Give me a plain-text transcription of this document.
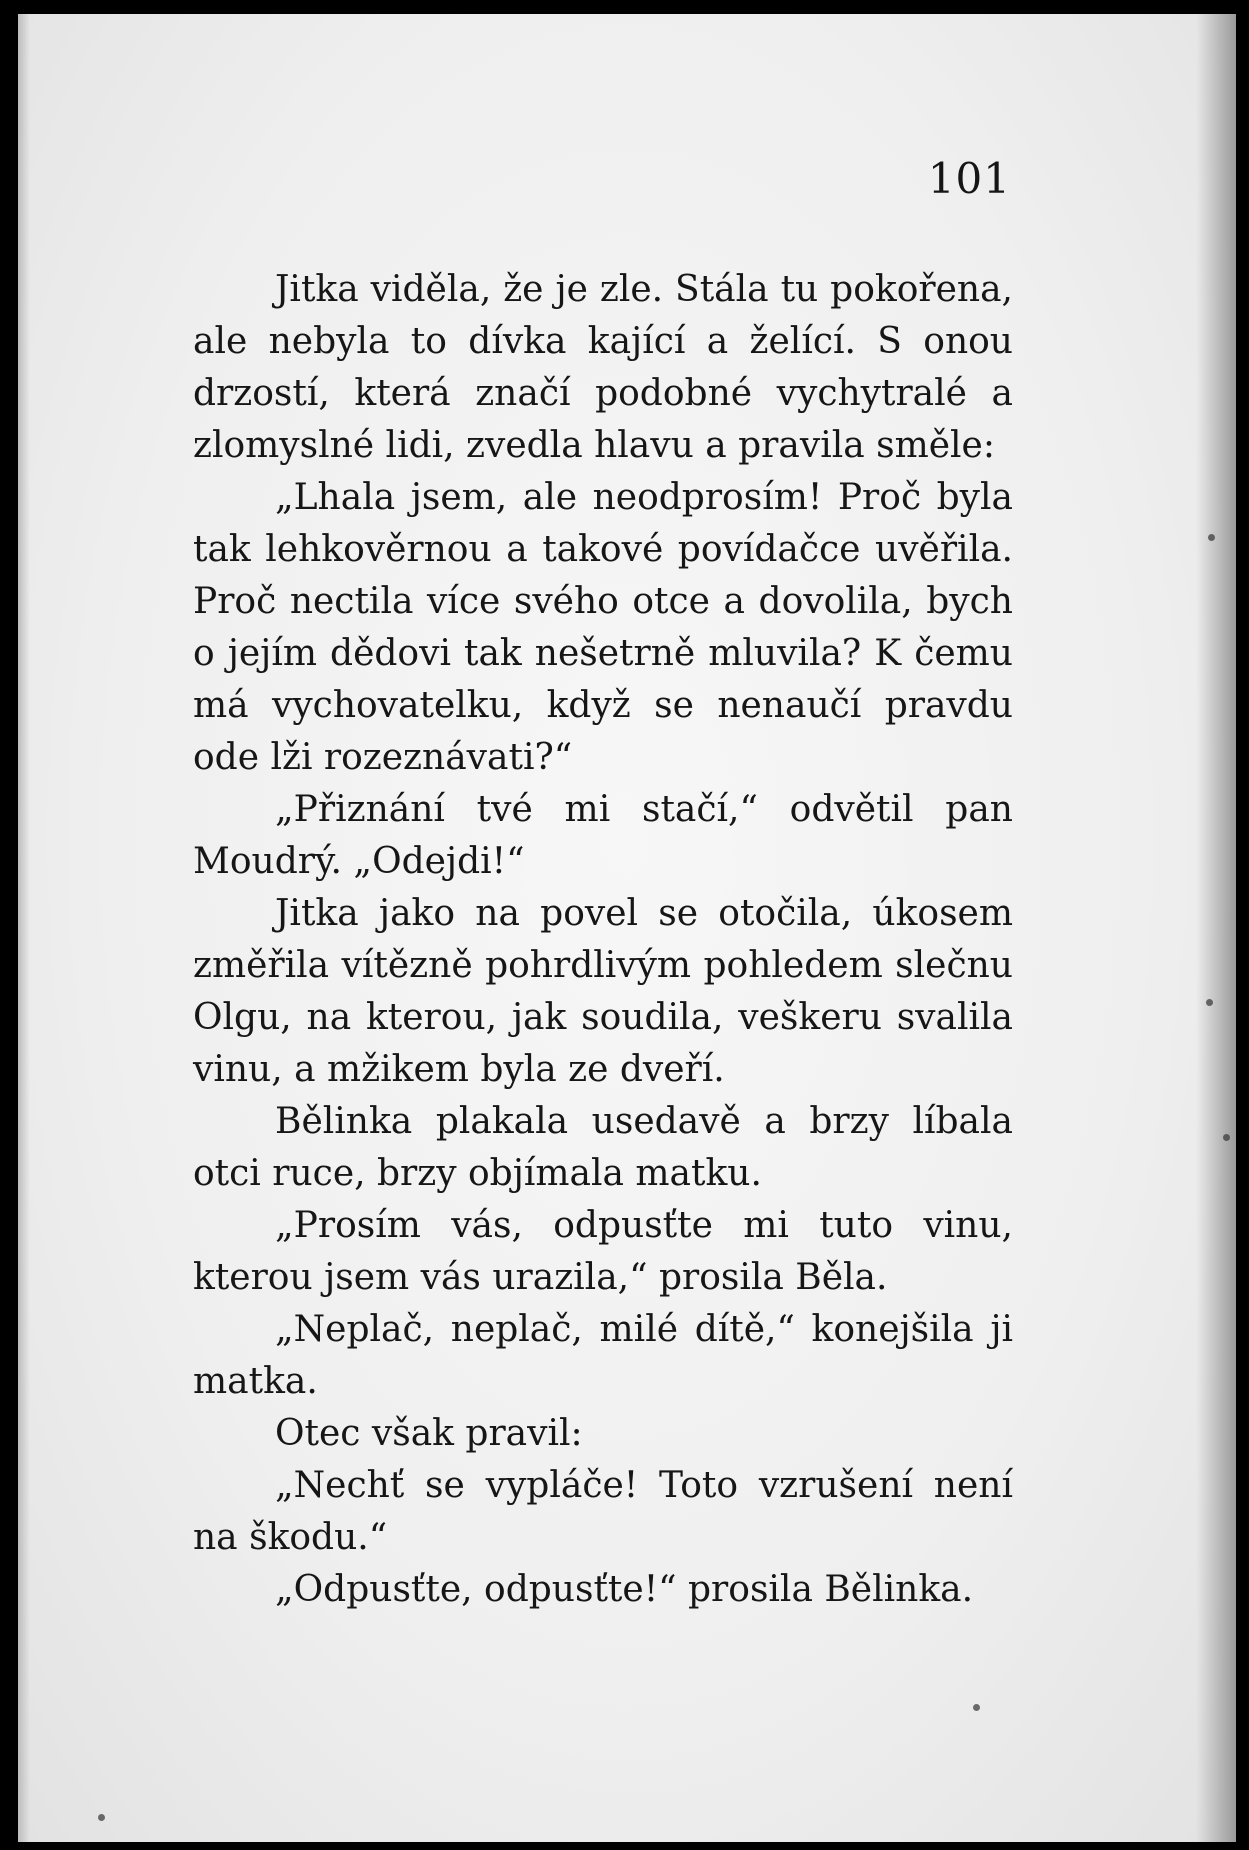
101

Jitka viděla, že je zle. Stála tu pokořena, ale nebyla to dívka kající a želící. S onou drzostí, která značí podobné vychytralé a zlomyslné lidi, zvedla hlavu a pravila směle:

„Lhala jsem, ale neodprosím! Proč byla tak lehkověrnou a takové povídačce uvěřila. Proč nectila více svého otce a dovolila, bych o jejím dědovi tak nešetrně mluvila? K čemu má vychovatelku, když se nenaučí pravdu ode lži rozeznávati?“

„Přiznání tvé mi stačí,“ odvětil pan Moudrý. „Odejdi!“

Jitka jako na povel se otočila, úkosem změřila vítězně pohrdlivým pohledem slečnu Olgu, na kterou, jak soudila, veškeru svalila vinu, a mžikem byla ze dveří.

Bělinka plakala usedavě a brzy líbala otci ruce, brzy objímala matku.

„Prosím vás, odpusťte mi tuto vinu, kterou jsem vás urazila,“ prosila Běla.

„Neplač, neplač, milé dítě,“ konejšila ji matka.

Otec však pravil:

„Nechť se vypláče! Toto vzrušení není na škodu.“

„Odpusťte, odpusťte!“ prosila Bělinka.
